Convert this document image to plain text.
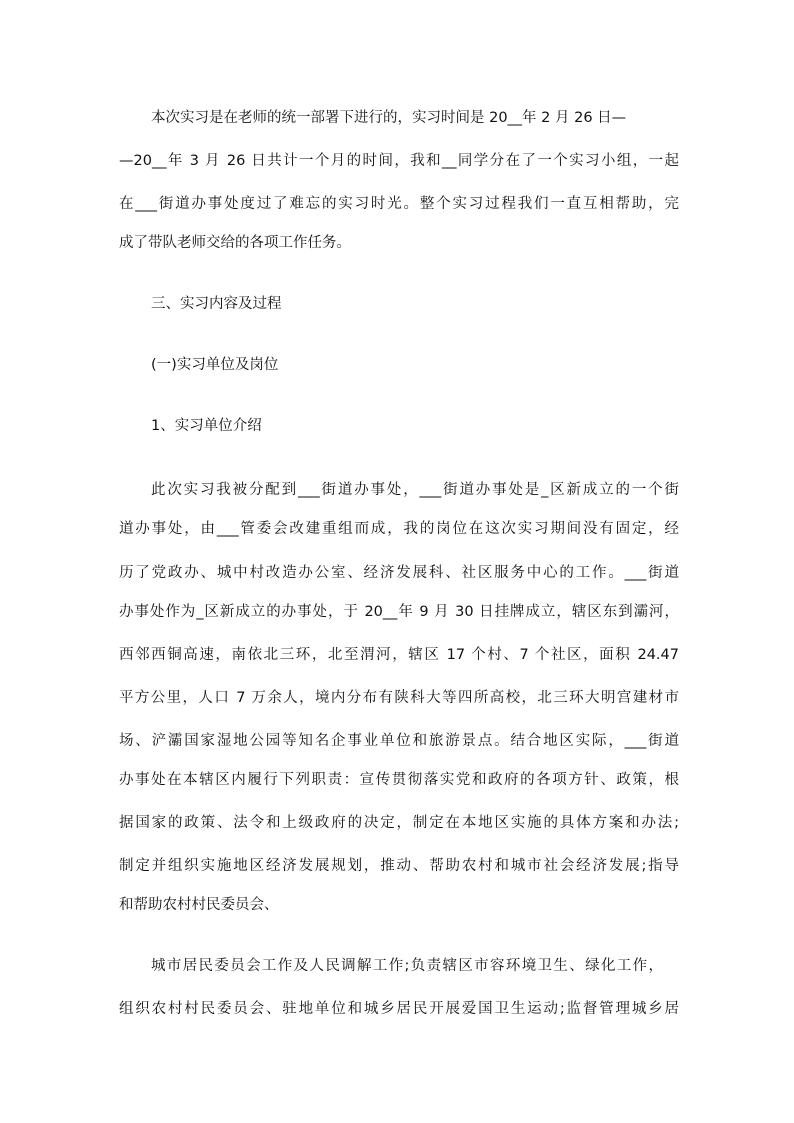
本次实习是在老师的统一部署下进行的，实习时间是 20__年 2 月 26 日—
—20__年 3 月 26 日共计一个月的时间，我和__同学分在了一个实习小组，一起
在___街道办事处度过了难忘的实习时光。整个实习过程我们一直互相帮助，完
成了带队老师交给的各项工作任务。
三、实习内容及过程
(一)实习单位及岗位
1、实习单位介绍
此次实习我被分配到___街道办事处，___街道办事处是_区新成立的一个街
道办事处，由___管委会改建重组而成，我的岗位在这次实习期间没有固定，经
历了党政办、城中村改造办公室、经济发展科、社区服务中心的工作。___街道
办事处作为_区新成立的办事处，于 20__年 9 月 30 日挂牌成立，辖区东到灞河，
西邻西铜高速，南依北三环，北至渭河，辖区 17 个村、7 个社区，面积 24.47
平方公里，人口 7 万余人，境内分布有陕科大等四所高校，北三环大明宫建材市
场、浐灞国家湿地公园等知名企事业单位和旅游景点。结合地区实际，___街道
办事处在本辖区内履行下列职责：宣传贯彻落实党和政府的各项方针、政策，根
据国家的政策、法令和上级政府的决定，制定在本地区实施的具体方案和办法;
制定并组织实施地区经济发展规划，推动、帮助农村和城市社会经济发展;指导
和帮助农村村民委员会、
城市居民委员会工作及人民调解工作;负责辖区市容环境卫生、绿化工作，
组织农村村民委员会、驻地单位和城乡居民开展爱国卫生运动;监督管理城乡居
